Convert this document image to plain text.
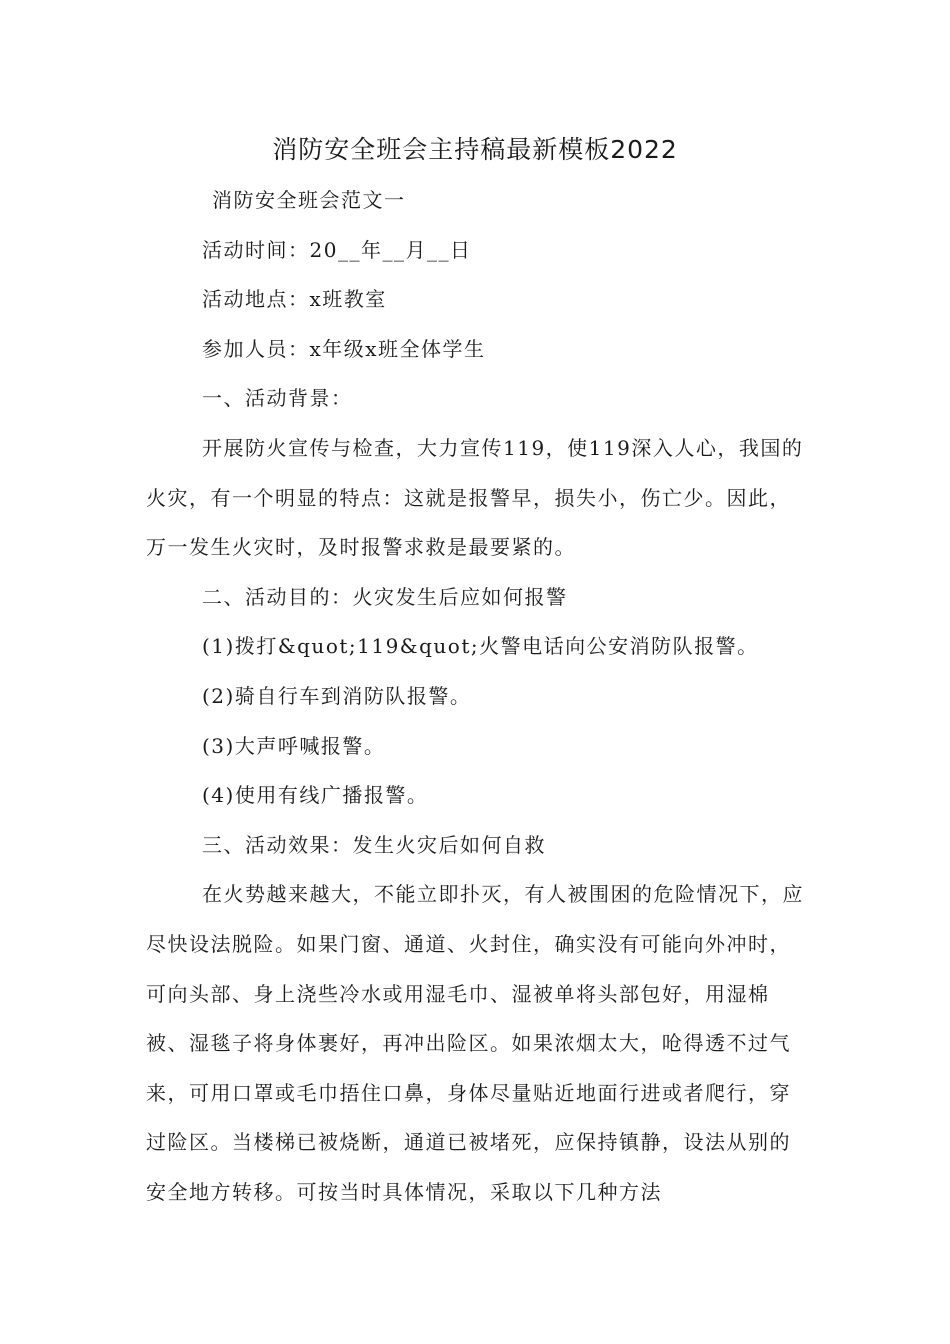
消防安全班会主持稿最新模板2022

消防安全班会范文一

活动时间：20__年__月__日

活动地点：x班教室

参加人员：x年级x班全体学生

一、活动背景：

开展防火宣传与检查，大力宣传119，使119深入人心，我国的火灾，有一个明显的特点：这就是报警早，损失小，伤亡少。因此，万一发生火灾时，及时报警求救是最要紧的。

二、活动目的：火灾发生后应如何报警

(1)拨打&quot;119&quot;火警电话向公安消防队报警。

(2)骑自行车到消防队报警。

(3)大声呼喊报警。

(4)使用有线广播报警。

三、活动效果：发生火灾后如何自救

在火势越来越大，不能立即扑灭，有人被围困的危险情况下，应尽快设法脱险。如果门窗、通道、火封住，确实没有可能向外冲时，可向头部、身上浇些冷水或用湿毛巾、湿被单将头部包好，用湿棉被、湿毯子将身体裹好，再冲出险区。如果浓烟太大，呛得透不过气来，可用口罩或毛巾捂住口鼻，身体尽量贴近地面行进或者爬行，穿过险区。当楼梯已被烧断，通道已被堵死，应保持镇静，设法从别的安全地方转移。可按当时具体情况，采取以下几种方法
